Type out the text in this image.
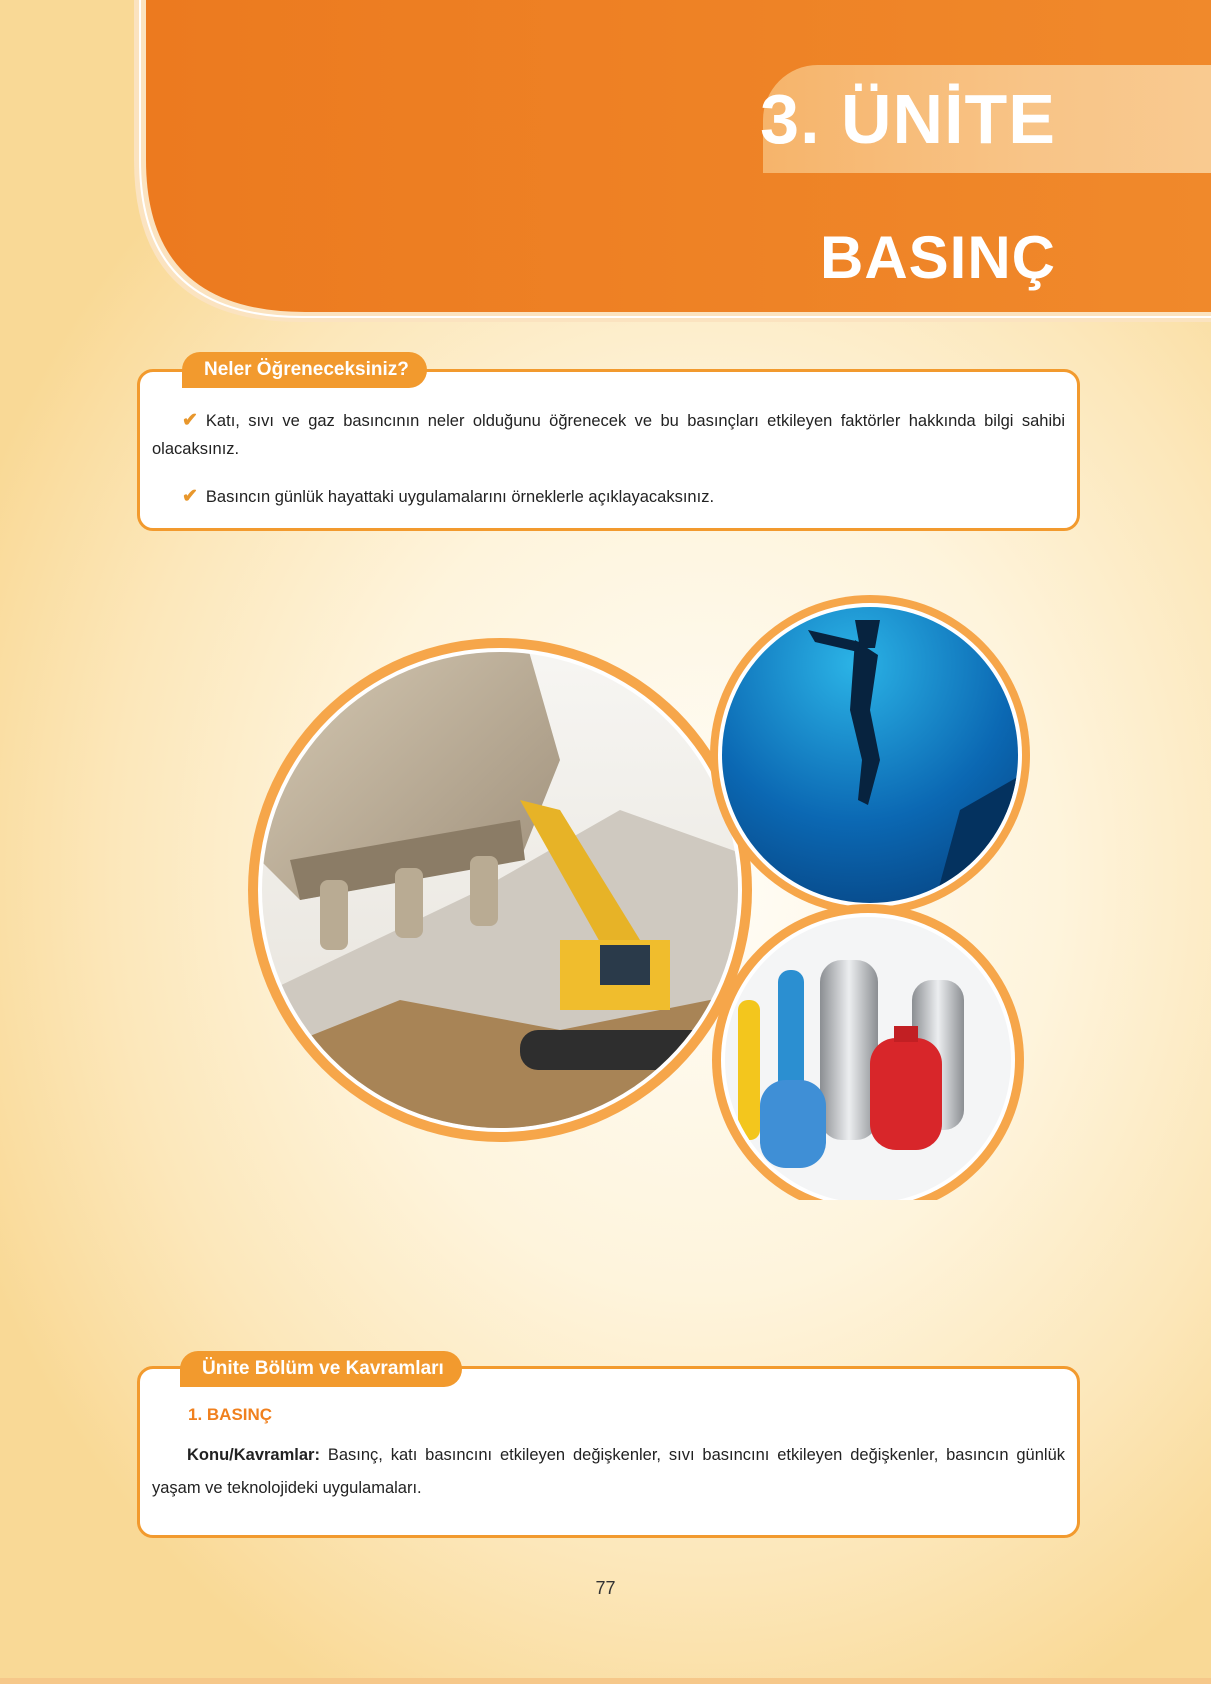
3. ÜNİTE
BASINÇ
Neler Öğreneceksiniz?
✔ Katı, sıvı ve gaz basıncının neler olduğunu öğrenecek ve bu basınçları etkileyen faktörler hakkında bilgi sahibi olacaksınız.
✔ Basıncın günlük hayattaki uygulamalarını örneklerle açıklayacaksınız.
Ünite Bölüm ve Kavramları
1. BASINÇ

Konu/Kavramlar: Basınç, katı basıncını etkileyen değişkenler, sıvı basıncını etkileyen değişkenler, basıncın günlük yaşam ve teknolojideki uygulamaları.

77
